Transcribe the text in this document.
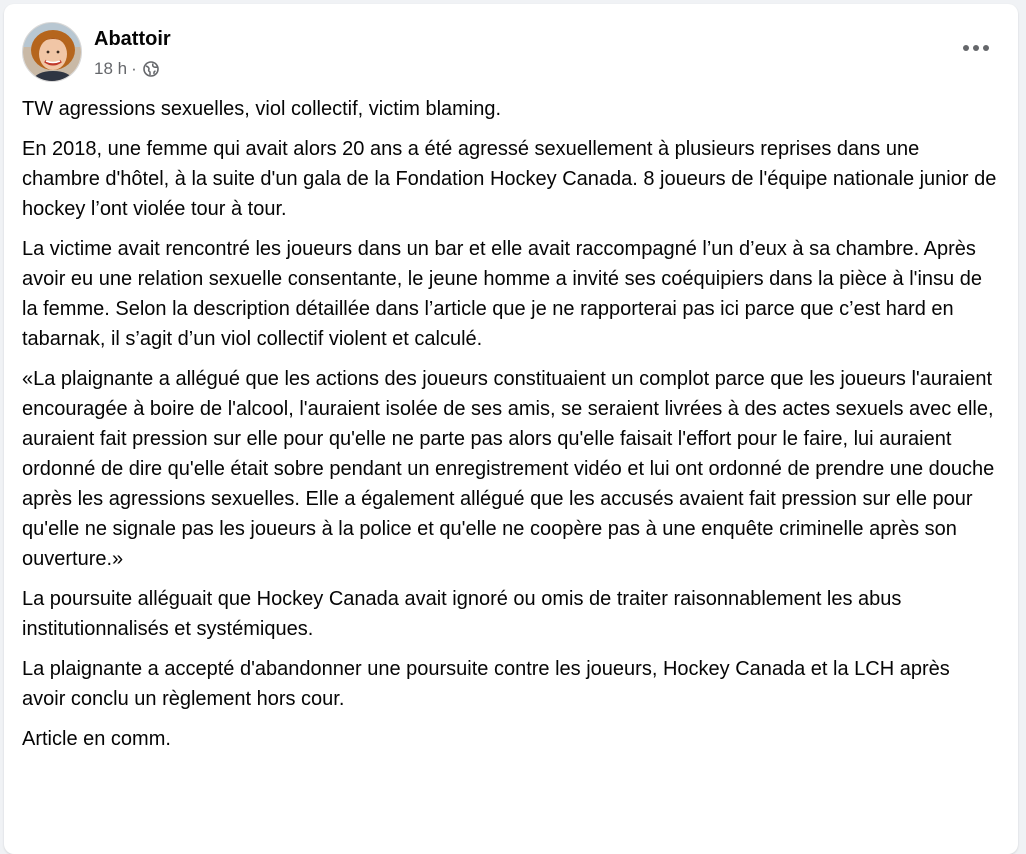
Abattoir
18 h ·

TW agressions sexuelles, viol collectif, victim blaming.

En 2018, une femme qui avait alors 20 ans a été agressé sexuellement à plusieurs reprises dans une chambre d'hôtel, à la suite d'un gala de la Fondation Hockey Canada. 8 joueurs de l'équipe nationale junior de hockey l’ont violée tour à tour.

La victime avait rencontré les joueurs dans un bar et elle avait raccompagné l’un d’eux à sa chambre. Après avoir eu une relation sexuelle consentante, le jeune homme a invité ses coéquipiers dans la pièce à l'insu de la femme. Selon la description détaillée dans l’article que je ne rapporterai pas ici parce que c’est hard en tabarnak, il s’agit d’un viol collectif violent et calculé.

«La plaignante a allégué que les actions des joueurs constituaient un complot parce que les joueurs l'auraient encouragée à boire de l'alcool, l'auraient isolée de ses amis, se seraient livrées à des actes sexuels avec elle, auraient fait pression sur elle pour qu'elle ne parte pas alors qu'elle faisait l'effort pour le faire, lui auraient ordonné de dire qu'elle était sobre pendant un enregistrement vidéo et lui ont ordonné de prendre une douche après les agressions sexuelles. Elle a également allégué que les accusés avaient fait pression sur elle pour qu'elle ne signale pas les joueurs à la police et qu'elle ne coopère pas à une enquête criminelle après son ouverture.»

La poursuite alléguait que Hockey Canada avait ignoré ou omis de traiter raisonnablement les abus institutionnalisés et systémiques.

La plaignante a accepté d'abandonner une poursuite contre les joueurs, Hockey Canada et la LCH après avoir conclu un règlement hors cour.

Article en comm.
